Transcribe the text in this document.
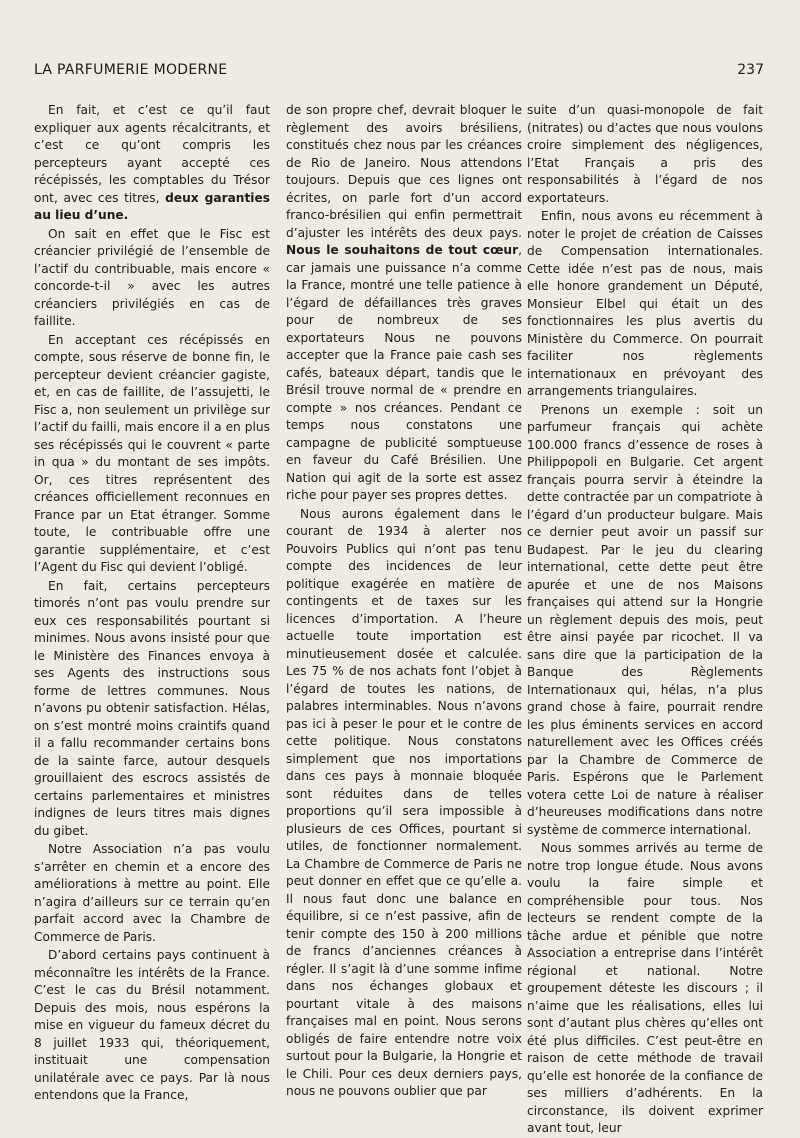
LA PARFUMERIE MODERNE	237

En fait, et c’est ce qu’il faut expliquer aux agents récalcitrants, et c’est ce qu’ont compris les percepteurs ayant accepté ces récépissés, les comptables du Trésor ont, avec ces titres, deux garanties au lieu d’une.

On sait en effet que le Fisc est créancier privilégié de l’ensemble de l’actif du contribuable, mais encore « concorde-t-il » avec les autres créanciers privilégiés en cas de faillite.

En acceptant ces récépissés en compte, sous réserve de bonne fin, le percepteur devient créancier gagiste, et, en cas de faillite, de l’assujetti, le Fisc a, non seulement un privilège sur l’actif du failli, mais encore il a en plus ses récépissés qui le couvrent « parte in qua » du montant de ses impôts. Or, ces titres représentent des créances officiellement reconnues en France par un Etat étranger. Somme toute, le contribuable offre une garantie supplémentaire, et c’est l’Agent du Fisc qui devient l’obligé.

En fait, certains percepteurs timorés n’ont pas voulu prendre sur eux ces responsabilités pourtant si minimes. Nous avons insisté pour que le Ministère des Finances envoya à ses Agents des instructions sous forme de lettres communes. Nous n’avons pu obtenir satisfaction. Hélas, on s’est montré moins craintifs quand il a fallu recommander certains bons de la sainte farce, autour desquels grouillaient des escrocs assistés de certains parlementaires et ministres indignes de leurs titres mais dignes du gibet.

Notre Association n’a pas voulu s’arrêter en chemin et a encore des améliorations à mettre au point. Elle n’agira d’ailleurs sur ce terrain qu’en parfait accord avec la Chambre de Commerce de Paris.

D’abord certains pays continuent à méconnaître les intérêts de la France. C’est le cas du Brésil notamment. Depuis des mois, nous espérons la mise en vigueur du fameux décret du 8 juillet 1933 qui, théoriquement, instituait une compensation unilatérale avec ce pays. Par là nous entendons que la France,

de son propre chef, devrait bloquer le règlement des avoirs brésiliens, constitués chez nous par les créances de Rio de Janeiro. Nous attendons toujours. Depuis que ces lignes ont écrites, on parle fort d’un accord franco-brésilien qui enfin permettrait d’ajuster les intérêts des deux pays. Nous le souhaitons de tout cœur, car jamais une puissance n’a comme la France, montré une telle patience à l’égard de défaillances très graves pour de nombreux de ses exportateurs Nous ne pouvons accepter que la France paie cash ses cafés, bateaux départ, tandis que le Brésil trouve normal de « prendre en compte » nos créances. Pendant ce temps nous constatons une campagne de publicité somptueuse en faveur du Café Brésilien. Une Nation qui agit de la sorte est assez riche pour payer ses propres dettes.

Nous aurons également dans le courant de 1934 à alerter nos Pouvoirs Publics qui n’ont pas tenu compte des incidences de leur politique exagérée en matière de contingents et de taxes sur les licences d’importation. A l’heure actuelle toute importation est minutieusement dosée et calculée. Les 75 % de nos achats font l’objet à l’égard de toutes les nations, de palabres interminables. Nous n’avons pas ici à peser le pour et le contre de cette politique. Nous constatons simplement que nos importations dans ces pays à monnaie bloquée sont réduites dans de telles proportions qu’il sera impossible à plusieurs de ces Offices, pourtant si utiles, de fonctionner normalement. La Chambre de Commerce de Paris ne peut donner en effet que ce qu’elle a. Il nous faut donc une balance en équilibre, si ce n’est passive, afin de tenir compte des 150 à 200 millions de francs d’anciennes créances à régler. Il s’agit là d’une somme infime dans nos échanges globaux et pourtant vitale à des maisons françaises mal en point. Nous serons obligés de faire entendre notre voix surtout pour la Bulgarie, la Hongrie et le Chili. Pour ces deux derniers pays, nous ne pouvons oublier que par

suite d’un quasi-monopole de fait (nitrates) ou d’actes que nous voulons croire simplement des négligences, l’Etat Français a pris des responsabilités à l’égard de nos exportateurs.

Enfin, nous avons eu récemment à noter le projet de création de Caisses de Compensation internationales. Cette idée n’est pas de nous, mais elle honore grandement un Député, Monsieur Elbel qui était un des fonctionnaires les plus avertis du Ministère du Commerce. On pourrait faciliter nos règlements internationaux en prévoyant des arrangements triangulaires.

Prenons un exemple : soit un parfumeur français qui achète 100.000 francs d’essence de roses à Philippopoli en Bulgarie. Cet argent français pourra servir à éteindre la dette contractée par un compatriote à l’égard d’un producteur bulgare. Mais ce dernier peut avoir un passif sur Budapest. Par le jeu du clearing international, cette dette peut être apurée et une de nos Maisons françaises qui attend sur la Hongrie un règlement depuis des mois, peut être ainsi payée par ricochet. Il va sans dire que la participation de la Banque des Règlements Internationaux qui, hélas, n’a plus grand chose à faire, pourrait rendre les plus éminents services en accord naturellement avec les Offices créés par la Chambre de Commerce de Paris. Espérons que le Parlement votera cette Loi de nature à réaliser d’heureuses modifications dans notre système de commerce international.

Nous sommes arrivés au terme de notre trop longue étude. Nous avons voulu la faire simple et compréhensible pour tous. Nos lecteurs se rendent compte de la tâche ardue et pénible que notre Association a entreprise dans l’intérêt régional et national. Notre groupement déteste les discours ; il n’aime que les réalisations, elles lui sont d’autant plus chères qu’elles ont été plus difficiles. C’est peut-être en raison de cette méthode de travail qu’elle est honorée de la confiance de ses milliers d’adhérents. En la circonstance, ils doivent exprimer avant tout, leur
